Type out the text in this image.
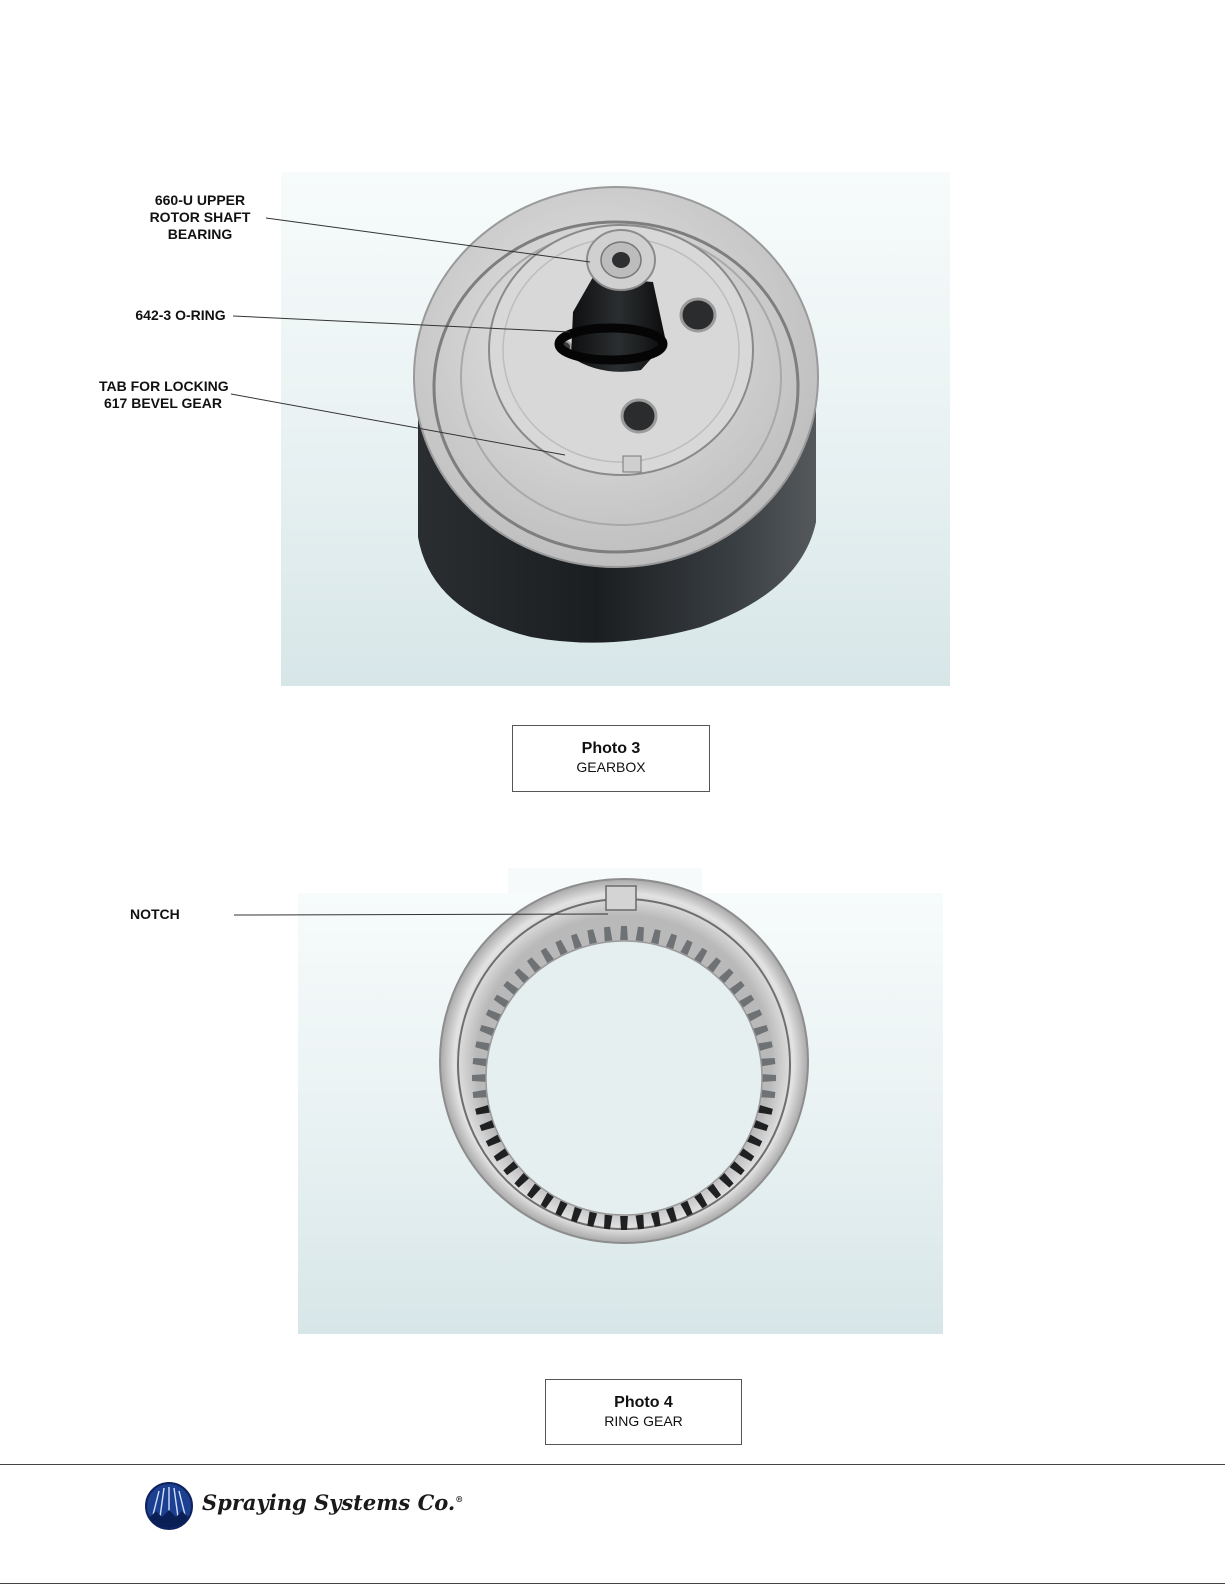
660-U UPPER
ROTOR SHAFT
BEARING
642-3 O-RING
TAB FOR LOCKING
617 BEVEL GEAR
NOTCH
Photo 3
GEARBOX
Photo 4
RING GEAR
Spraying Systems Co.®
